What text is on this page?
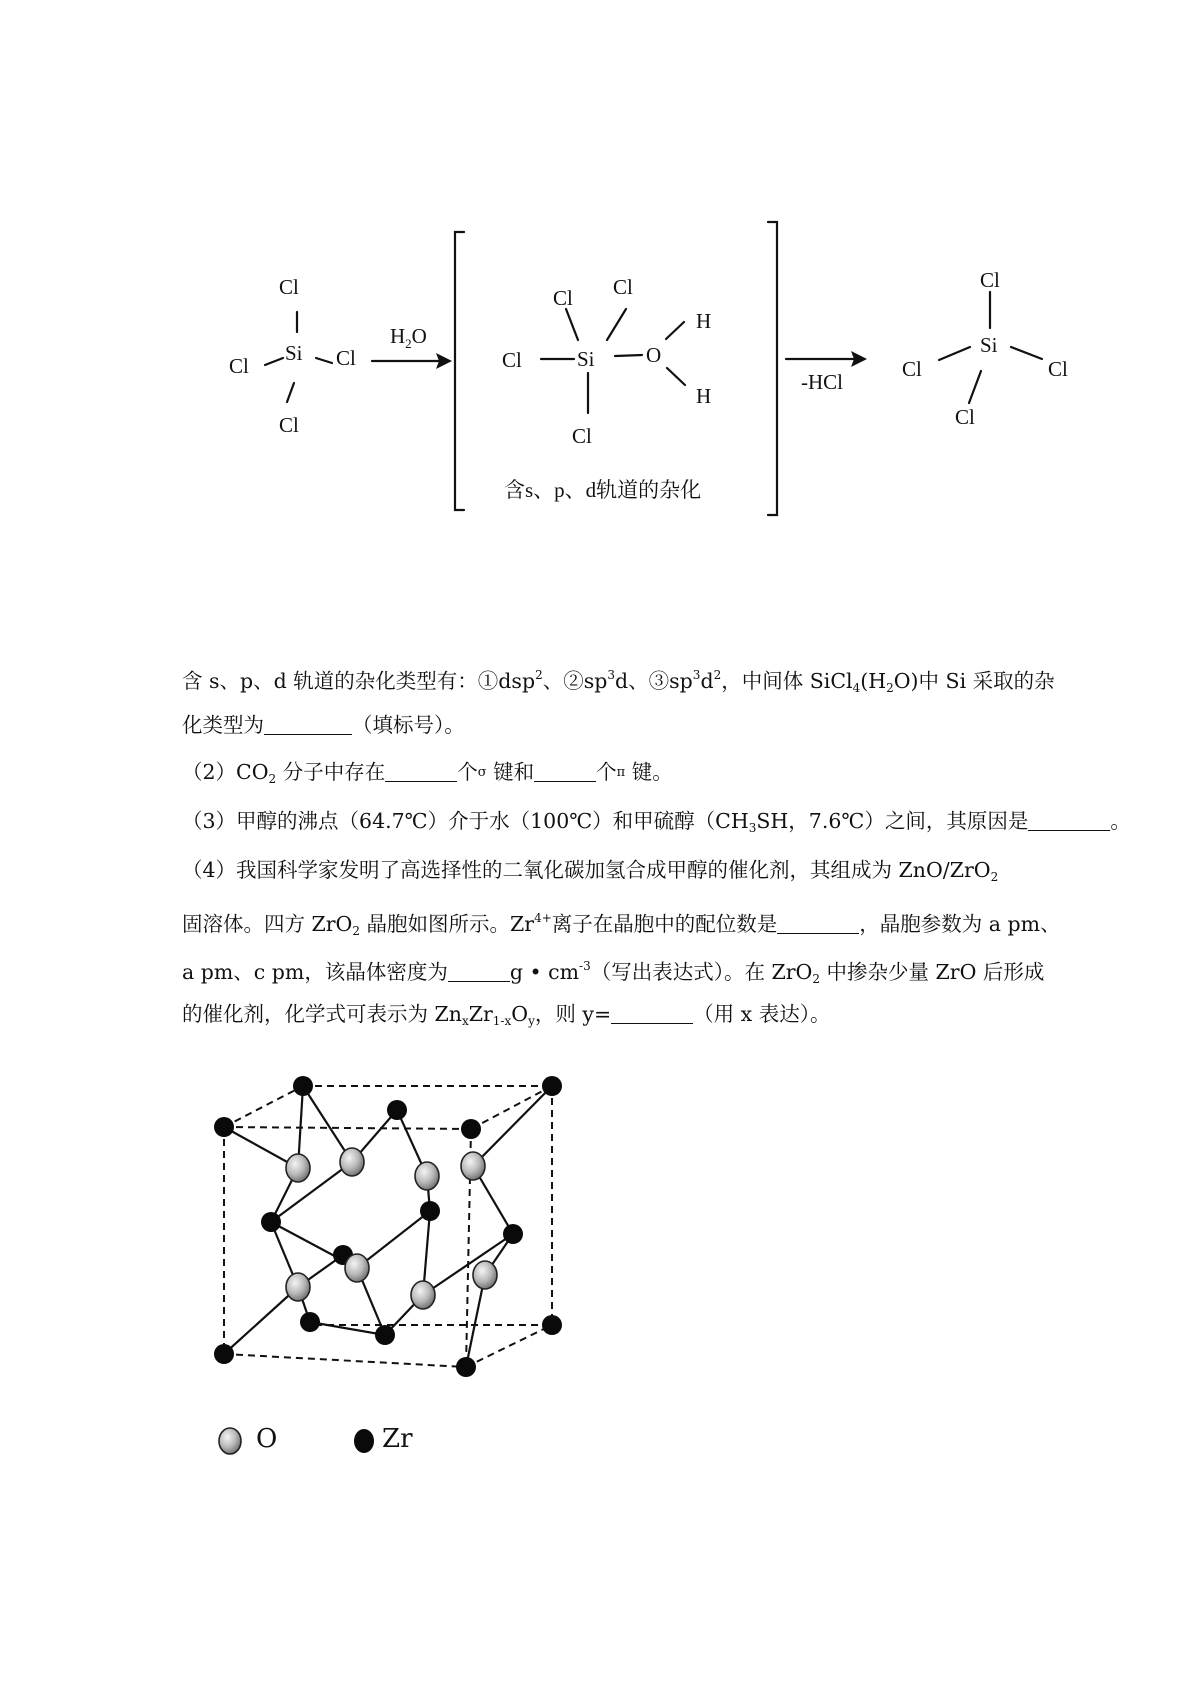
Cl
Si
Cl	Cl
Cl
$H_2O$
Cl Cl
Cl	Si O
H
H
Cl
含s、p、d轨道的杂化
-HCl
Cl
Si
Cl	Cl
Cl
含 s、p、d 轨道的杂化类型有：①dsp$^2$、$②sp^3d$、$③sp^3d^2$，中间体 $SiCl_4(H_2O)$中 Si 采取的杂
化类型为	（填标号）。
$(2)CO_2$ 分子中存在	个σ 键和	个π 键。
（3）甲醇的沸点（64.7℃）介于水（100℃）和甲硫醇（$CH_3SH$，7.6℃）之间，其原因是	。
（4）我国科学家发明了高选择性的二氧化碳加氢合成甲醇的催化剂，其组成为 ZnO/ZrO$_2$
固溶体。四方 ZrO$_2$ 晶胞如图所示。$Zr^{4+}$离子在晶胞中的配位数是	，晶胞参数为 a pm、
a pm、c pm，该晶体密度为	g • $cm^{-3}$（写出表达式）。在 ZrO$_2$ 中掺杂少量 ZrO 后形成
的催化剂，化学式可表示为 $Zn_xZr_{1-x}O_y$，则 y=	（用 x 表达）。
O	Zr
